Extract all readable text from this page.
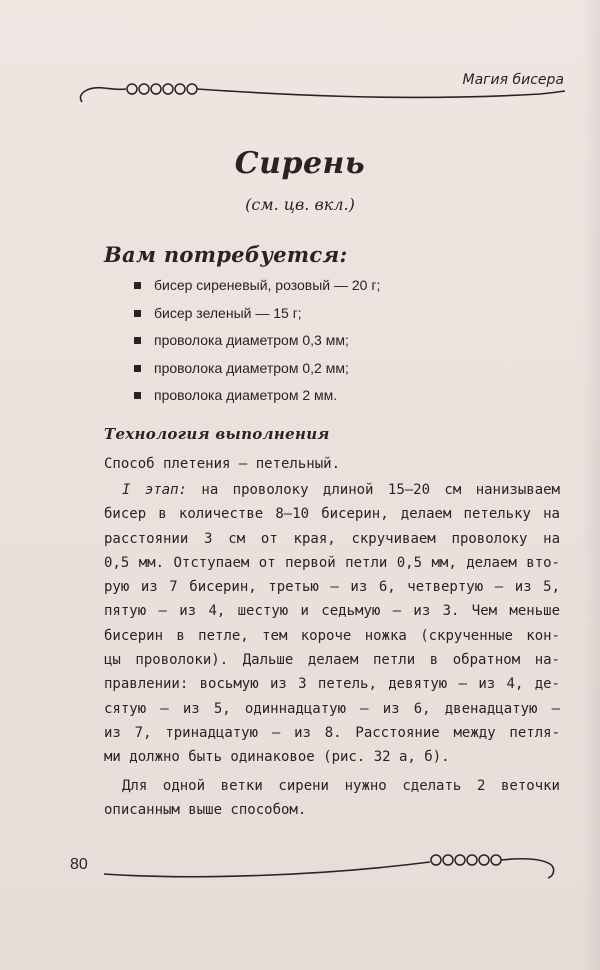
Магия бисера
Сирень
(см. цв. вкл.)
Вам потребуется:
бисер сиреневый, розовый — 20 г;
бисер зеленый — 15 г;
проволока диаметром 0,3 мм;
проволока диаметром 0,2 мм;
проволока диаметром 2 мм.
Технология выполнения
Способ плетения — петельный.
I этап: на проволоку длиной 15–20 см нанизываем
бисер в количестве 8–10 бисерин, делаем петельку на
расстоянии 3 см от края, скручиваем проволоку на
0,5 мм. Отступаем от первой петли 0,5 мм, делаем вто-
рую из 7 бисерин, третью — из 6, четвертую — из 5,
пятую — из 4, шестую и седьмую — из 3. Чем меньше
бисерин в петле, тем короче ножка (скрученные кон-
цы проволоки). Дальше делаем петли в обратном на-
правлении: восьмую из 3 петель, девятую — из 4, де-
сятую — из 5, одиннадцатую — из 6, двенадцатую —
из 7, тринадцатую — из 8. Расстояние между петля-
ми должно быть одинаковое (рис. 32 а, б).
Для одной ветки сирени нужно сделать 2 веточки
описанным выше способом.
80
